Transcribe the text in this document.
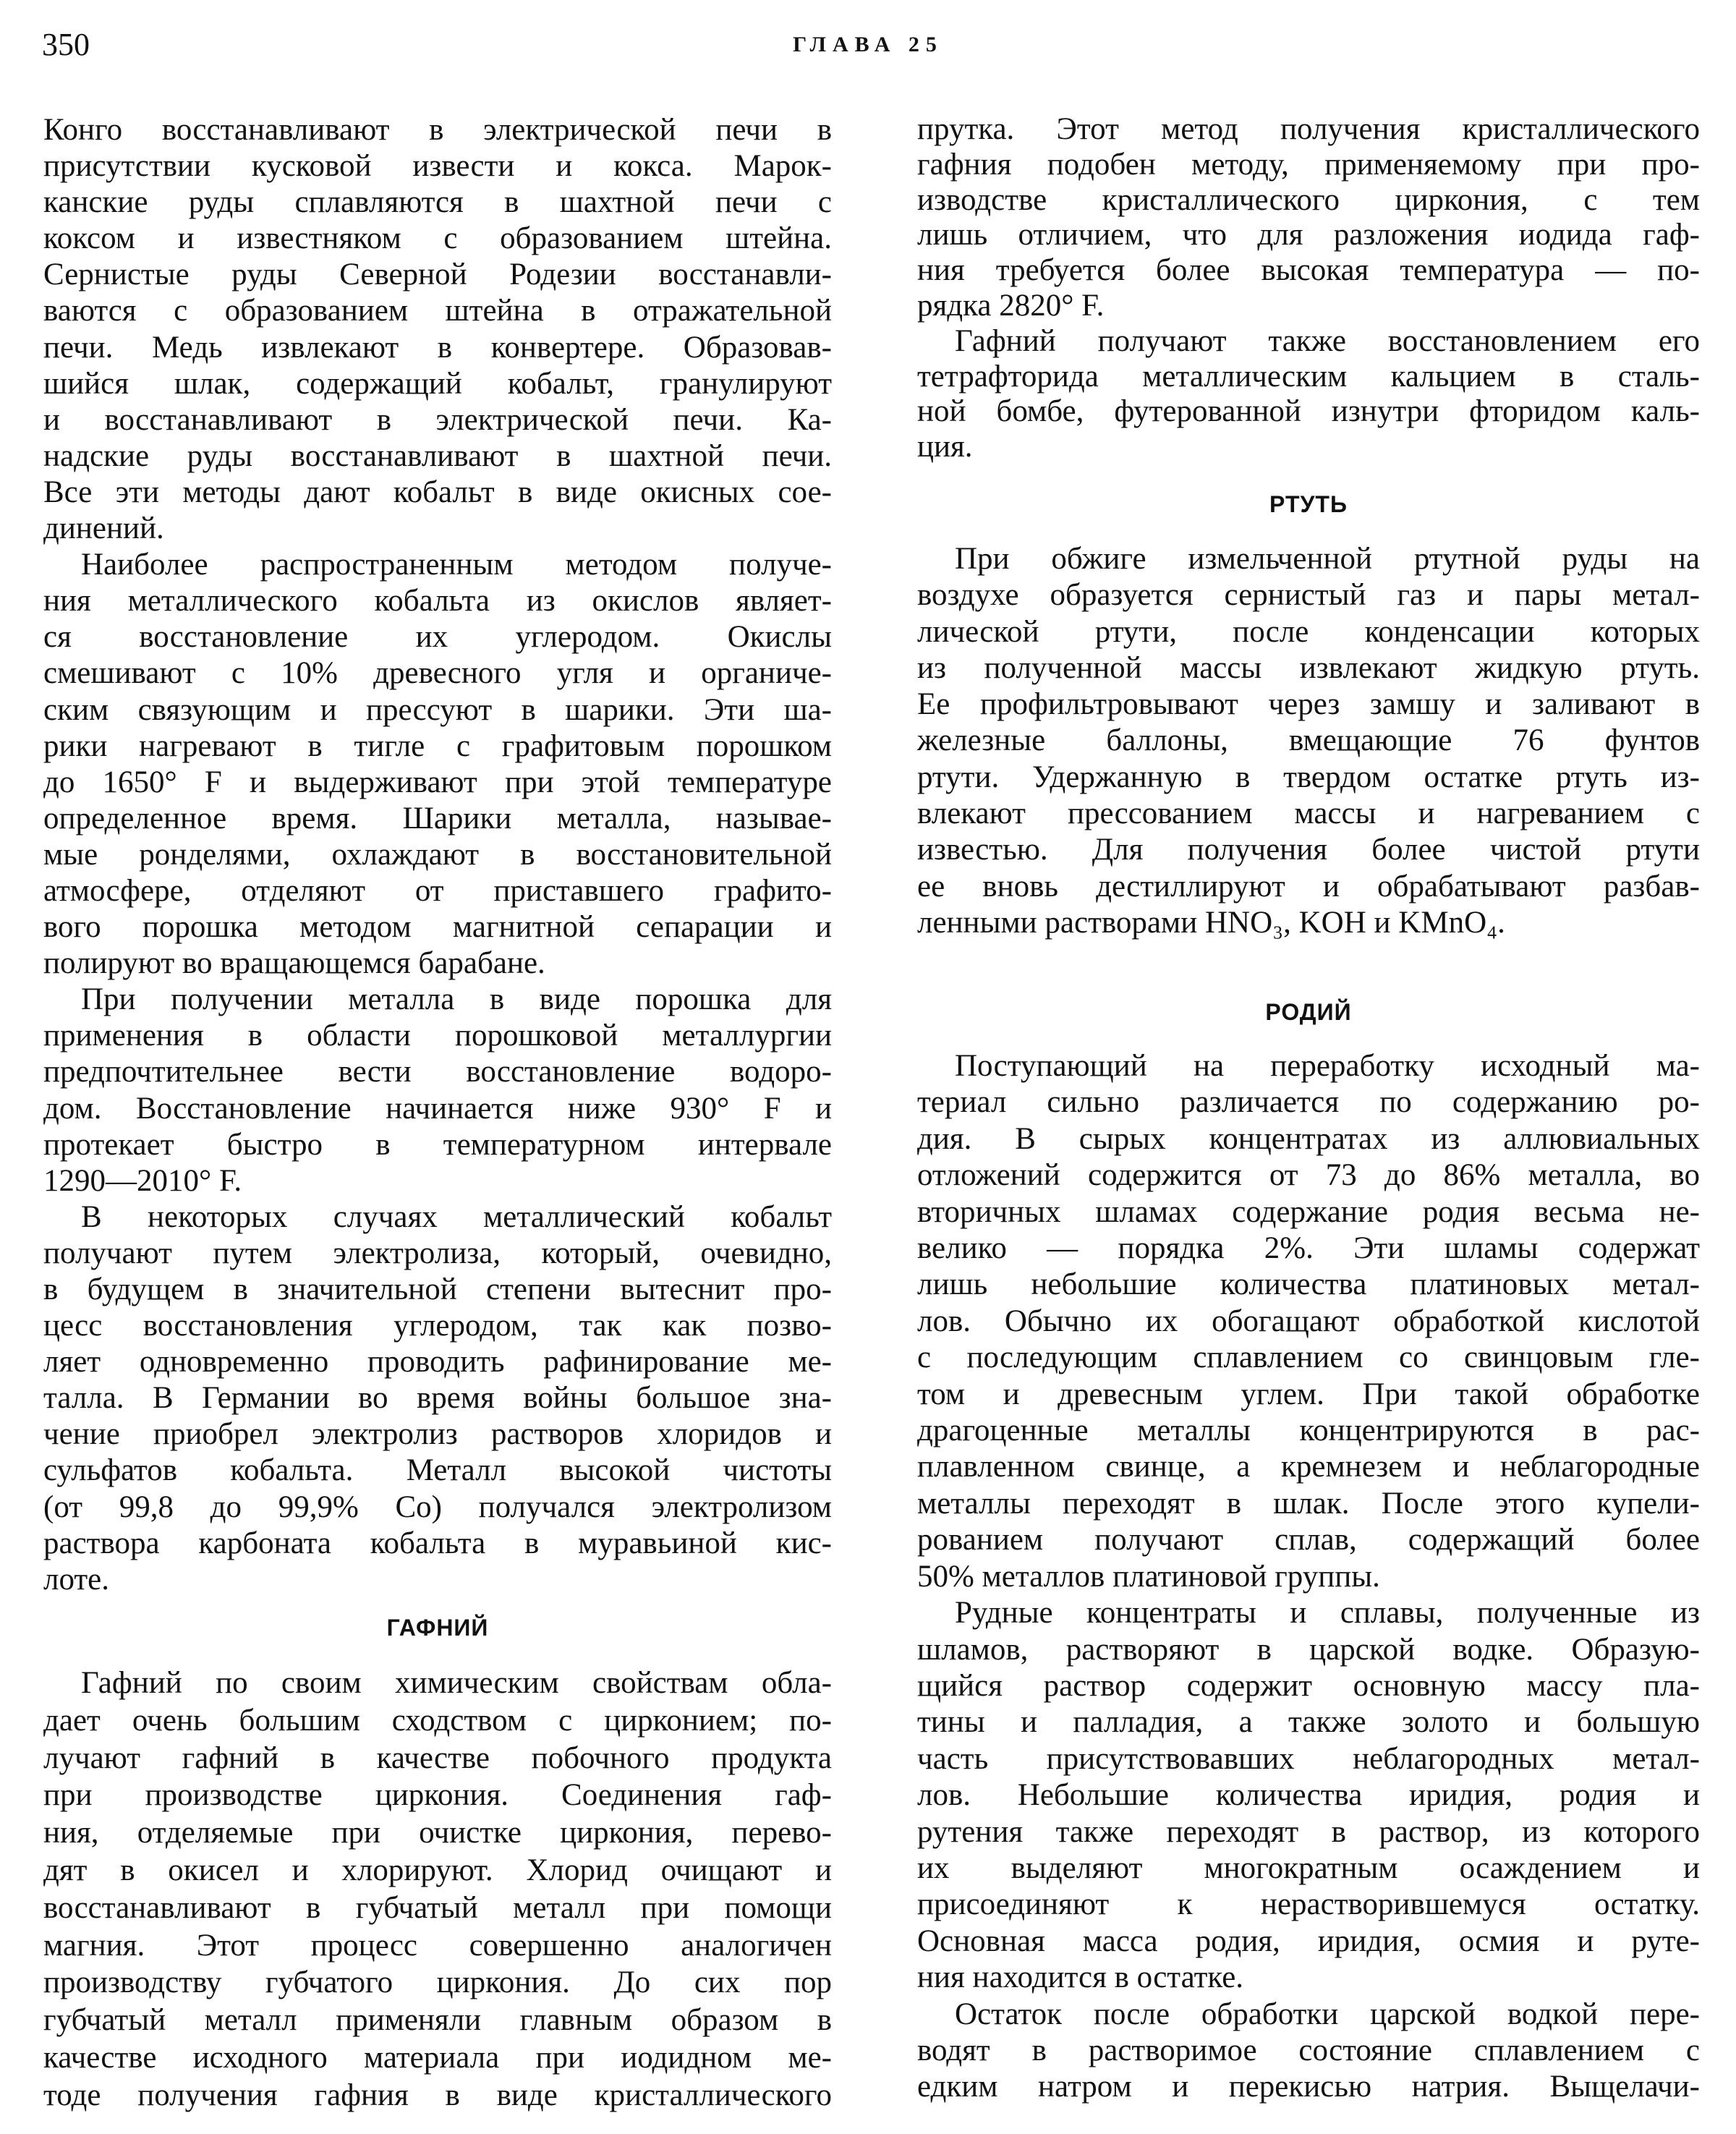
350	ГЛАВА 25
Конго восстанавливают в электрической печи в
присутствии кусковой извести и кокса. Марок-
канские руды сплавляются в шахтной печи с
коксом и известняком с образованием штейна.
Сернистые руды Северной Родезии восстанавли-
ваются с образованием штейна в отражательной
печи. Медь извлекают в конвертере. Образовав-
шийся шлак, содержащий кобальт, гранулируют
и восстанавливают в электрической печи. Ка-
надские руды восстанавливают в шахтной печи.
Все эти методы дают кобальт в виде окисных сое-
динений.
Наиболее распространенным методом получе-
ния металлического кобальта из окислов являет-
ся восстановление их углеродом. Окислы
смешивают с 10% древесного угля и органиче-
ским связующим и прессуют в шарики. Эти ша-
рики нагревают в тигле с графитовым порошком
до 1650° F и выдерживают при этой температуре
определенное время. Шарики металла, называе-
мые ронделями, охлаждают в восстановительной
атмосфере, отделяют от приставшего графито-
вого порошка методом магнитной сепарации и
полируют во вращающемся барабане.
При получении металла в виде порошка для
применения в области порошковой металлургии
предпочтительнее вести восстановление водоро-
дом. Восстановление начинается ниже 930° F и
протекает быстро в температурном интервале
1290—2010° F.
В некоторых случаях металлический кобальт
получают путем электролиза, который, очевидно,
в будущем в значительной степени вытеснит про-
цесс восстановления углеродом, так как позво-
ляет одновременно проводить рафинирование ме-
талла. В Германии во время войны большое зна-
чение приобрел электролиз растворов хлоридов и
сульфатов кобальта. Металл высокой чистоты
(от 99,8 до 99,9% Co) получался электролизом
раствора карбоната кобальта в муравьиной кис-
лоте.
ГАФНИЙ
Гафний по своим химическим свойствам обла-
дает очень большим сходством с цирконием; по-
лучают гафний в качестве побочного продукта
при производстве циркония. Соединения гаф-
ния, отделяемые при очистке циркония, перево-
дят в окисел и хлорируют. Хлорид очищают и
восстанавливают в губчатый металл при помощи
магния. Этот процесс совершенно аналогичен
производству губчатого циркония. До сих пор
губчатый металл применяли главным образом в
качестве исходного материала при иодидном ме-
тоде получения гафния в виде кристаллического
прутка. Этот метод получения кристаллического
гафния подобен методу, применяемому при про-
изводстве кристаллического циркония, с тем
лишь отличием, что для разложения иодида гаф-
ния требуется более высокая температура — по-
рядка 2820° F.
Гафний получают также восстановлением его
тетрафторида металлическим кальцием в сталь-
ной бомбе, футерованной изнутри фторидом каль-
ция.
РТУТЬ
При обжиге измельченной ртутной руды на
воздухе образуется сернистый газ и пары метал-
лической ртути, после конденсации которых
из полученной массы извлекают жидкую ртуть.
Ее профильтровывают через замшу и заливают в
железные баллоны, вмещающие 76 фунтов
ртути. Удержанную в твердом остатке ртуть из-
влекают прессованием массы и нагреванием с
известью. Для получения более чистой ртути
ее вновь дестиллируют и обрабатывают разбав-
ленными растворами HNO₃, KOH и KMnO₄.
РОДИЙ
Поступающий на переработку исходный ма-
териал сильно различается по содержанию ро-
дия. В сырых концентратах из аллювиальных
отложений содержится от 73 до 86% металла, во
вторичных шламах содержание родия весьма не-
велико — порядка 2%. Эти шламы содержат
лишь небольшие количества платиновых метал-
лов. Обычно их обогащают обработкой кислотой
с последующим сплавлением со свинцовым гле-
том и древесным углем. При такой обработке
драгоценные металлы концентрируются в рас-
плавленном свинце, а кремнезем и неблагородные
металлы переходят в шлак. После этого купели-
рованием получают сплав, содержащий более
50% металлов платиновой группы.
Рудные концентраты и сплавы, полученные из
шламов, растворяют в царской водке. Образую-
щийся раствор содержит основную массу пла-
тины и палладия, а также золото и большую
часть присутствовавших неблагородных метал-
лов. Небольшие количества иридия, родия и
рутения также переходят в раствор, из которого
их выделяют многократным осаждением и
присоединяют к нерастворившемуся остатку.
Основная масса родия, иридия, осмия и руте-
ния находится в остатке.
Остаток после обработки царской водкой пере-
водят в растворимое состояние сплавлением с
едким натром и перекисью натрия. Выщелачи-
